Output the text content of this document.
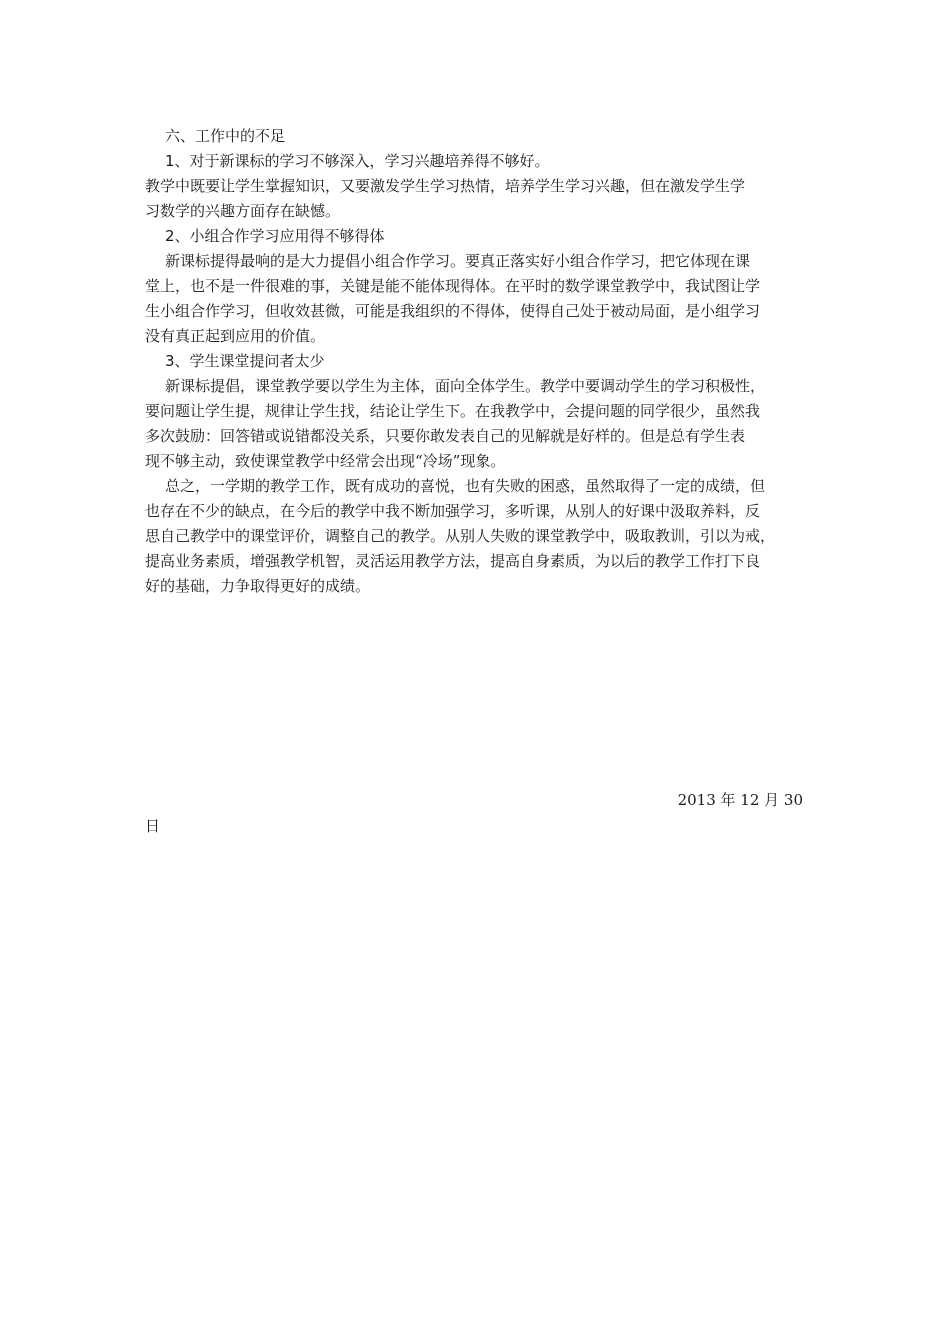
六、工作中的不足

1、对于新课标的学习不够深入，学习兴趣培养得不够好。

教学中既要让学生掌握知识，又要激发学生学习热情，培养学生学习兴趣，但在激发学生学

习数学的兴趣方面存在缺憾。

2、小组合作学习应用得不够得体

新课标提得最响的是大力提倡小组合作学习。要真正落实好小组合作学习，把它体现在课

堂上，也不是一件很难的事，关键是能不能体现得体。在平时的数学课堂教学中，我试图让学

生小组合作学习，但收效甚微，可能是我组织的不得体，使得自己处于被动局面，是小组学习

没有真正起到应用的价值。

3、学生课堂提问者太少

新课标提倡，课堂教学要以学生为主体，面向全体学生。教学中要调动学生的学习积极性，

要问题让学生提，规律让学生找，结论让学生下。在我教学中，会提问题的同学很少，虽然我

多次鼓励：回答错或说错都没关系，只要你敢发表自己的见解就是好样的。但是总有学生表

现不够主动，致使课堂教学中经常会出现“冷场”现象。

总之，一学期的教学工作，既有成功的喜悦，也有失败的困惑，虽然取得了一定的成绩，但

也存在不少的缺点，在今后的教学中我不断加强学习，多听课，从别人的好课中汲取养料，反

思自己教学中的课堂评价，调整自己的教学。从别人失败的课堂教学中，吸取教训，引以为戒，

提高业务素质，增强教学机智，灵活运用教学方法，提高自身素质，为以后的教学工作打下良

好的基础，力争取得更好的成绩。

2013 年 12 月 30
日
